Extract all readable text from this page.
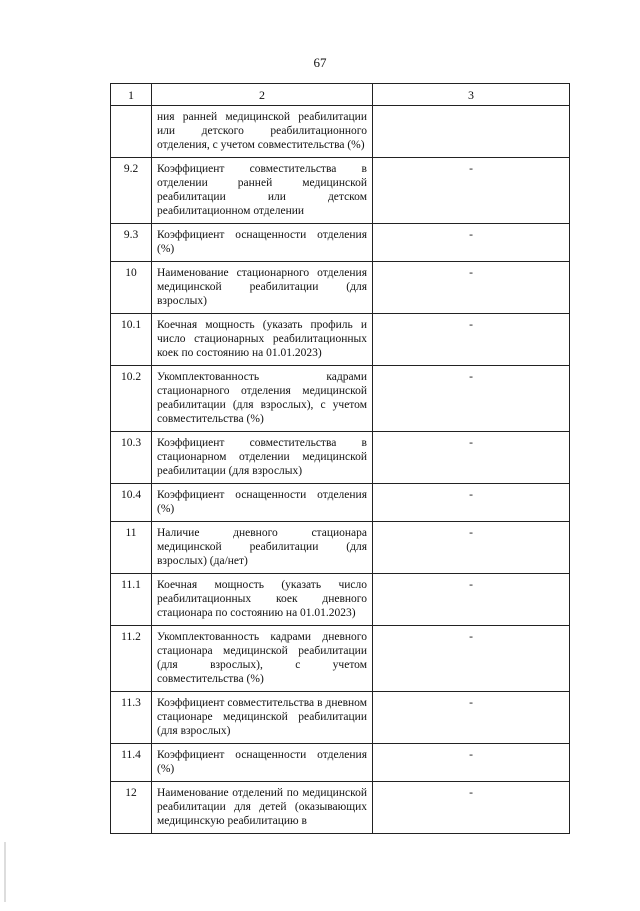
67
1	2	3
	ния ранней медицинской реабилитации или детского реабилитационного отделения, с учетом совместительства (%)	
9.2	Коэффициент совместительства в отделении ранней медицинской реабилитации или детском реабилитационном отделении	-
9.3	Коэффициент оснащенности отделения (%)	-
10	Наименование стационарного отделения медицинской реабилитации (для взрослых)	-
10.1	Коечная мощность (указать профиль и число стационарных реабилитационных коек по состоянию на 01.01.2023)	-
10.2	Укомплектованность кадрами стационарного отделения медицинской реабилитации (для взрослых), с учетом совместительства (%)	-
10.3	Коэффициент совместительства в стационарном отделении медицинской реабилитации (для взрослых)	-
10.4	Коэффициент оснащенности отделения (%)	-
11	Наличие дневного стационара медицинской реабилитации (для взрослых) (да/нет)	-
11.1	Коечная мощность (указать число реабилитационных коек дневного стационара по состоянию на 01.01.2023)	-
11.2	Укомплектованность кадрами дневного стационара медицинской реабилитации (для взрослых), с учетом совместительства (%)	-
11.3	Коэффициент совместительства в дневном стационаре медицинской реабилитации (для взрослых)	-
11.4	Коэффициент оснащенности отделения (%)	-
12	Наименование отделений по медицинской реабилитации для детей (оказывающих медицинскую реабилитацию в	-
